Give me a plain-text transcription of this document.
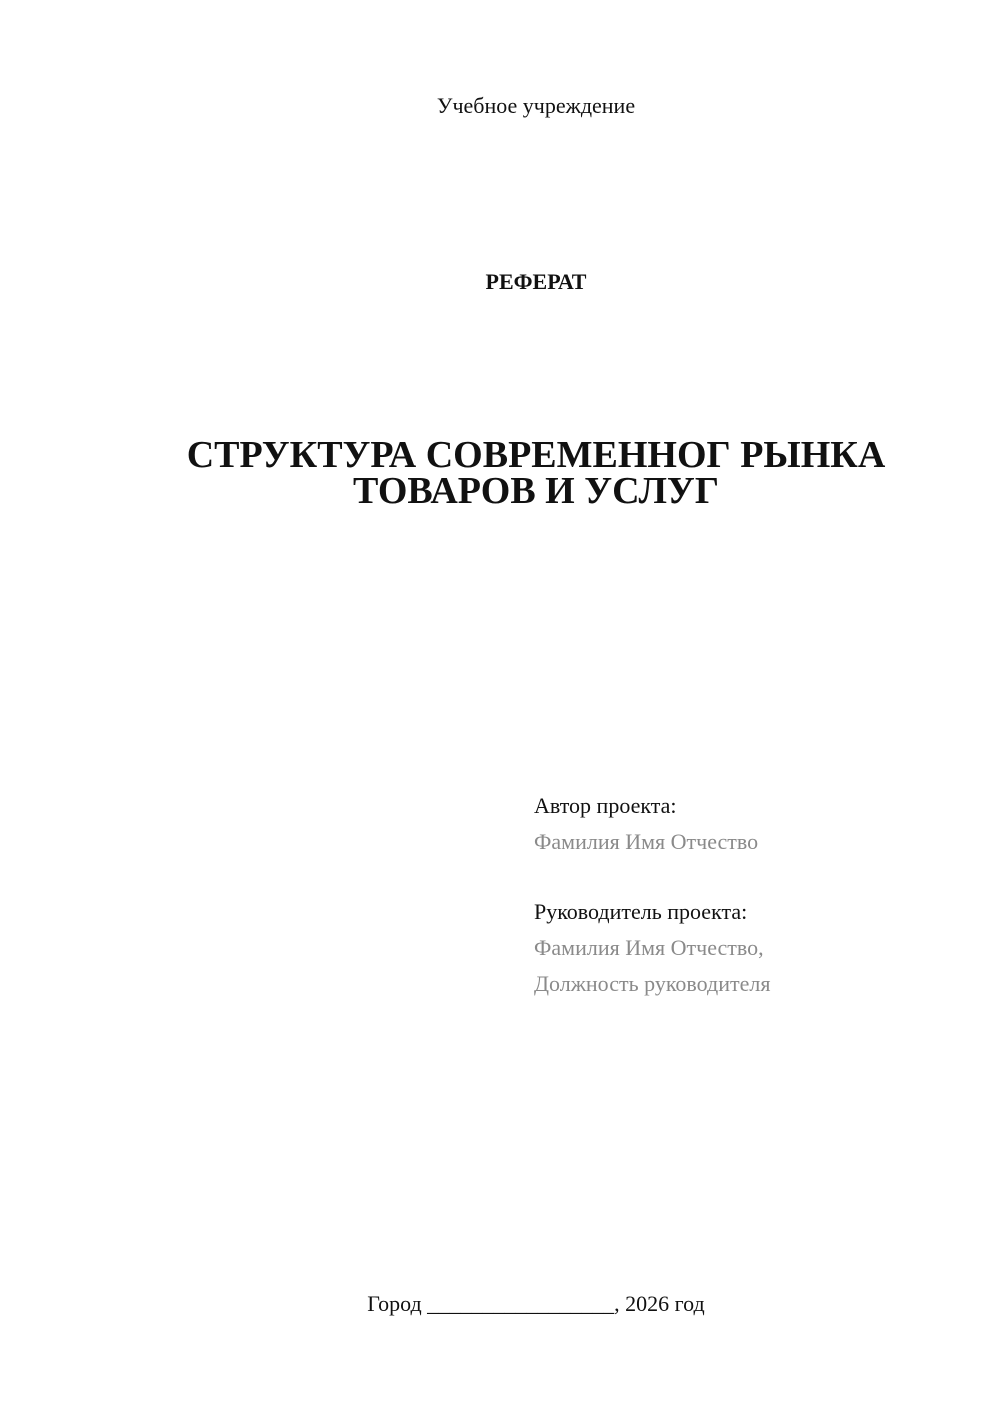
Учебное учреждение
РЕФЕРАТ
СТРУКТУРА СОВРЕМЕННОГ РЫНКА
ТОВАРОВ И УСЛУГ
Автор проекта:
Фамилия Имя Отчество
Руководитель проекта:
Фамилия Имя Отчество,
Должность руководителя
Город _________________, 2026 год
